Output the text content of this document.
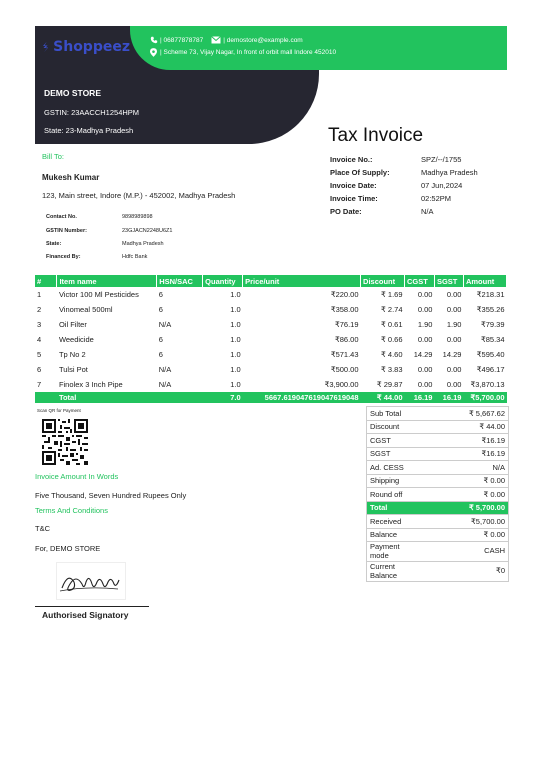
Shoppeez	| 06877878787	| demostore@example.com
| Scheme 73, Vijay Nagar, In front of orbit mall Indore 452010
DEMO STORE
GSTIN: 23AACCH1254HPM
State: 23-Madhya Pradesh	Tax Invoice
Bill To:
Mukesh Kumar
123, Main street, Indore (M.P.) - 452002, Madhya Pradesh
Contact No.	9898989898
GSTIN Number:	23GJACN2248U6Z1
State:	Madhya Pradesh
Financed By:	Hdfc Bank
Invoice No.:	SPZ/--/1755
Place Of Supply:	Madhya Pradesh
Invoice Date:	07 Jun,2024
Invoice Time:	02:52PM
PO Date:	N/A
#	Item name	HSN/SAC	Quantity	Price/unit	Discount	CGST	SGST	Amount
1	Victor 100 Ml Pesticides	6	1.0	₹220.00	₹ 1.69	0.00	0.00	₹218.31
2	Vinomeal 500ml	6	1.0	₹358.00	₹ 2.74	0.00	0.00	₹355.26
3	Oil Filter	N/A	1.0	₹76.19	₹ 0.61	1.90	1.90	₹79.39
4	Weedicide	6	1.0	₹86.00	₹ 0.66	0.00	0.00	₹85.34
5	Tp No 2	6	1.0	₹571.43	₹ 4.60	14.29	14.29	₹595.40
6	Tulsi Pot	N/A	1.0	₹500.00	₹ 3.83	0.00	0.00	₹496.17
7	Finolex 3 Inch Pipe	N/A	1.0	₹3,900.00	₹ 29.87	0.00	0.00	₹3,870.13
	Total		7.0	5667.619047619047619048	₹ 44.00	16.19	16.19	₹5,700.00
Scan QR for Payment
Invoice Amount In Words
Five Thousand, Seven Hundred Rupees Only
Terms And Conditions
T&C
For, DEMO STORE
Authorised Signatory
Sub Total	₹ 5,667.62
Discount	₹ 44.00
CGST	₹16.19
SGST	₹16.19
Ad. CESS	N/A
Shipping	₹ 0.00
Round off	₹ 0.00
Total	₹ 5,700.00
Received	₹5,700.00
Balance	₹ 0.00
Payment mode	CASH
Current Balance	₹0
